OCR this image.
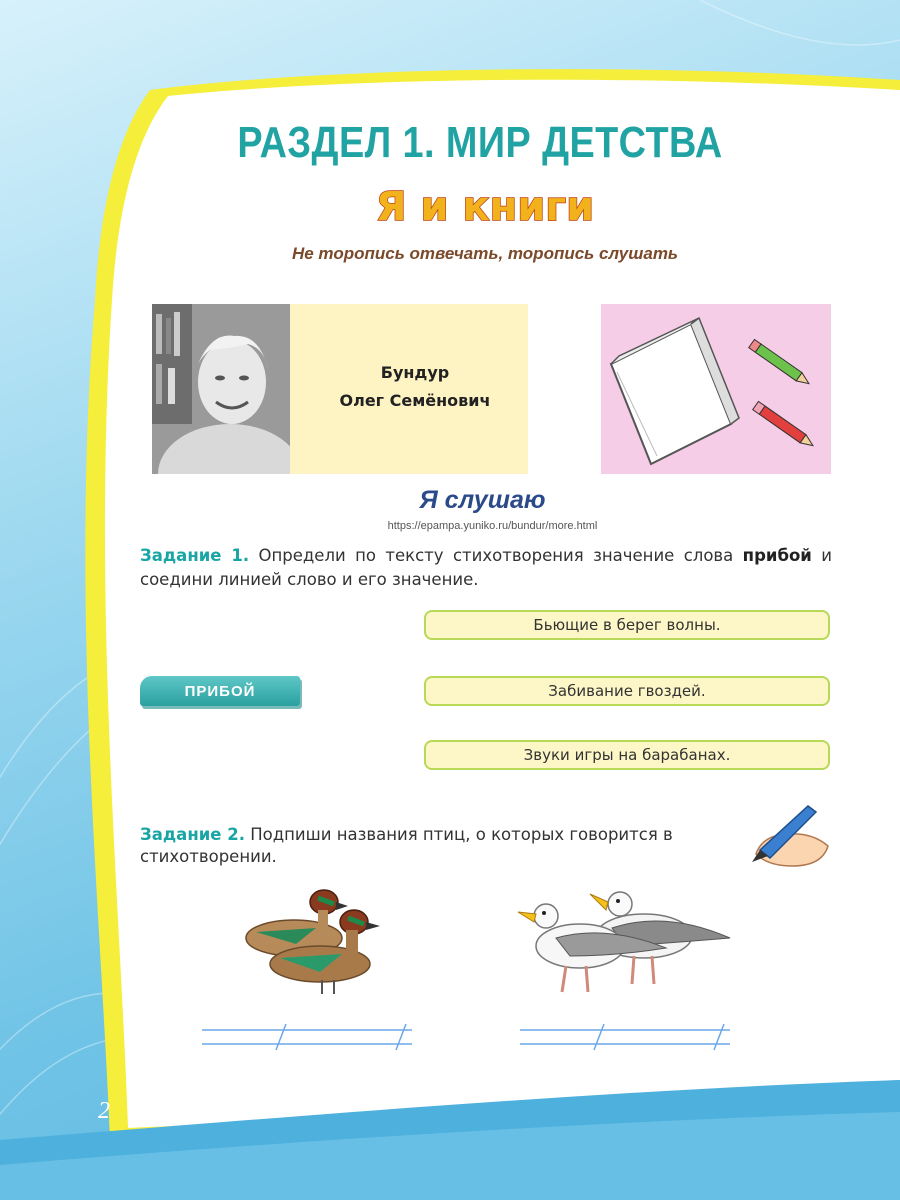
РАЗДЕЛ 1. МИР ДЕТСТВА
Я и книги
Не торопись отвечать, торопись слушать
Бундур
Олег Семёнович
Я слушаю
https://epampa.yuniko.ru/bundur/more.html
Задание 1. Определи по тексту стихотворения значение слова прибой и соедини линией слово и его значение.
Бьющие в берег волны.
ПРИБОЙ	Забивание гвоздей.
Звуки игры на барабанах.
Задание 2. Подпиши названия птиц, о которых говорится в стихотворении.
2
